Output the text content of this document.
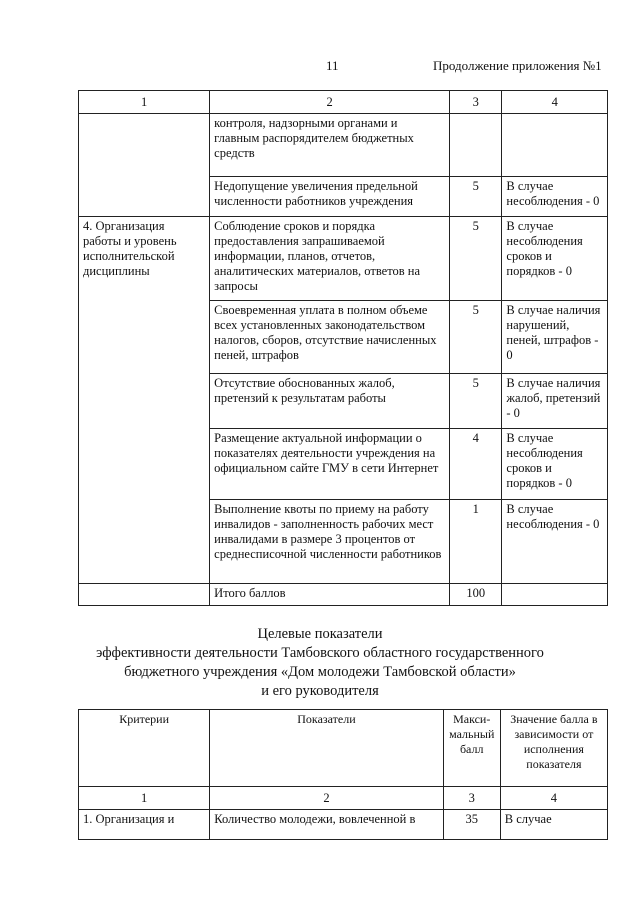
11	Продолжение приложения №1
1	2	3	4
	контроля, надзорными органами и главным распорядителем бюджетных средств		
	Недопущение увеличения предельной численности работников учреждения	5	В случае несоблюдения - 0
4. Организация работы и уровень исполнительской дисциплины	Соблюдение сроков и порядка предоставления запрашиваемой информации, планов, отчетов, аналитических материалов, ответов на запросы	5	В случае несоблюдения сроков и порядков - 0
	Своевременная уплата в полном объеме всех установленных законодательством налогов, сборов, отсутствие начисленных пеней, штрафов	5	В случае наличия нарушений, пеней, штрафов - 0
	Отсутствие обоснованных жалоб, претензий к результатам работы	5	В случае наличия жалоб, претензий - 0
	Размещение актуальной информации о показателях деятельности учреждения на официальном сайте ГМУ в сети Интернет	4	В случае несоблюдения сроков и порядков - 0
	Выполнение квоты по приему на работу инвалидов - заполненность рабочих мест инвалидами в размере 3 процентов от среднесписочной численности работников	1	В случае несоблюдения - 0
	Итого баллов	100	
Целевые показатели
эффективности деятельности Тамбовского областного государственного
бюджетного учреждения «Дом молодежи Тамбовской области»
и его руководителя
Критерии	Показатели	Макси-мальный балл	Значение балла в зависимости от исполнения показателя
1	2	3	4
1. Организация и	Количество молодежи, вовлеченной в	35	В случае
